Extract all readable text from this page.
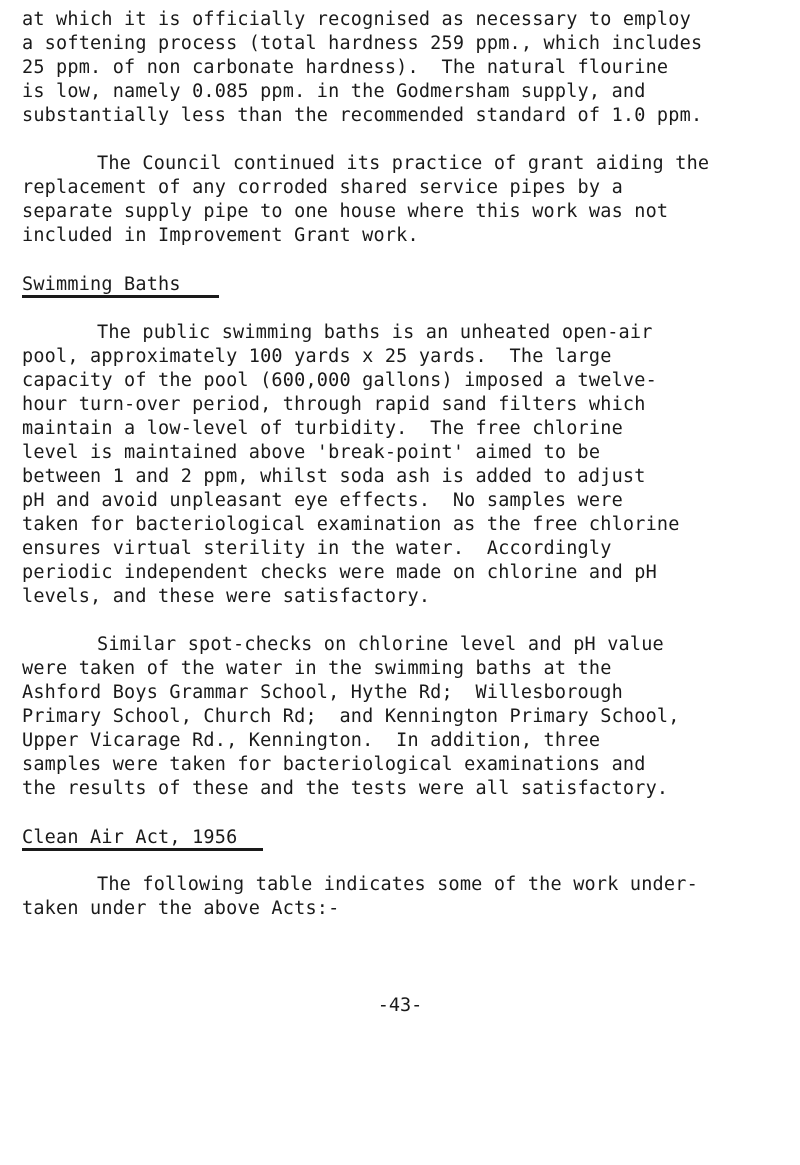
at which it is officially recognised as necessary to employ
a softening process (total hardness 259 ppm., which includes
25 ppm. of non carbonate hardness).  The natural flourine
is low, namely 0.085 ppm. in the Godmersham supply, and
substantially less than the recommended standard of 1.0 ppm.
The Council continued its practice of grant aiding the
replacement of any corroded shared service pipes by a
separate supply pipe to one house where this work was not
included in Improvement Grant work.
Swimming Baths
The public swimming baths is an unheated open-air
pool, approximately 100 yards x 25 yards.  The large
capacity of the pool (600,000 gallons) imposed a twelve-
hour turn-over period, through rapid sand filters which
maintain a low-level of turbidity.  The free chlorine
level is maintained above 'break-point' aimed to be
between 1 and 2 ppm, whilst soda ash is added to adjust
pH and avoid unpleasant eye effects.  No samples were
taken for bacteriological examination as the free chlorine
ensures virtual sterility in the water.  Accordingly
periodic independent checks were made on chlorine and pH
levels, and these were satisfactory.
Similar spot-checks on chlorine level and pH value
were taken of the water in the swimming baths at the
Ashford Boys Grammar School, Hythe Rd;  Willesborough
Primary School, Church Rd;  and Kennington Primary School,
Upper Vicarage Rd., Kennington.  In addition, three
samples were taken for bacteriological examinations and
the results of these and the tests were all satisfactory.
Clean Air Act, 1956
The following table indicates some of the work under-
taken under the above Acts:-
-43-
